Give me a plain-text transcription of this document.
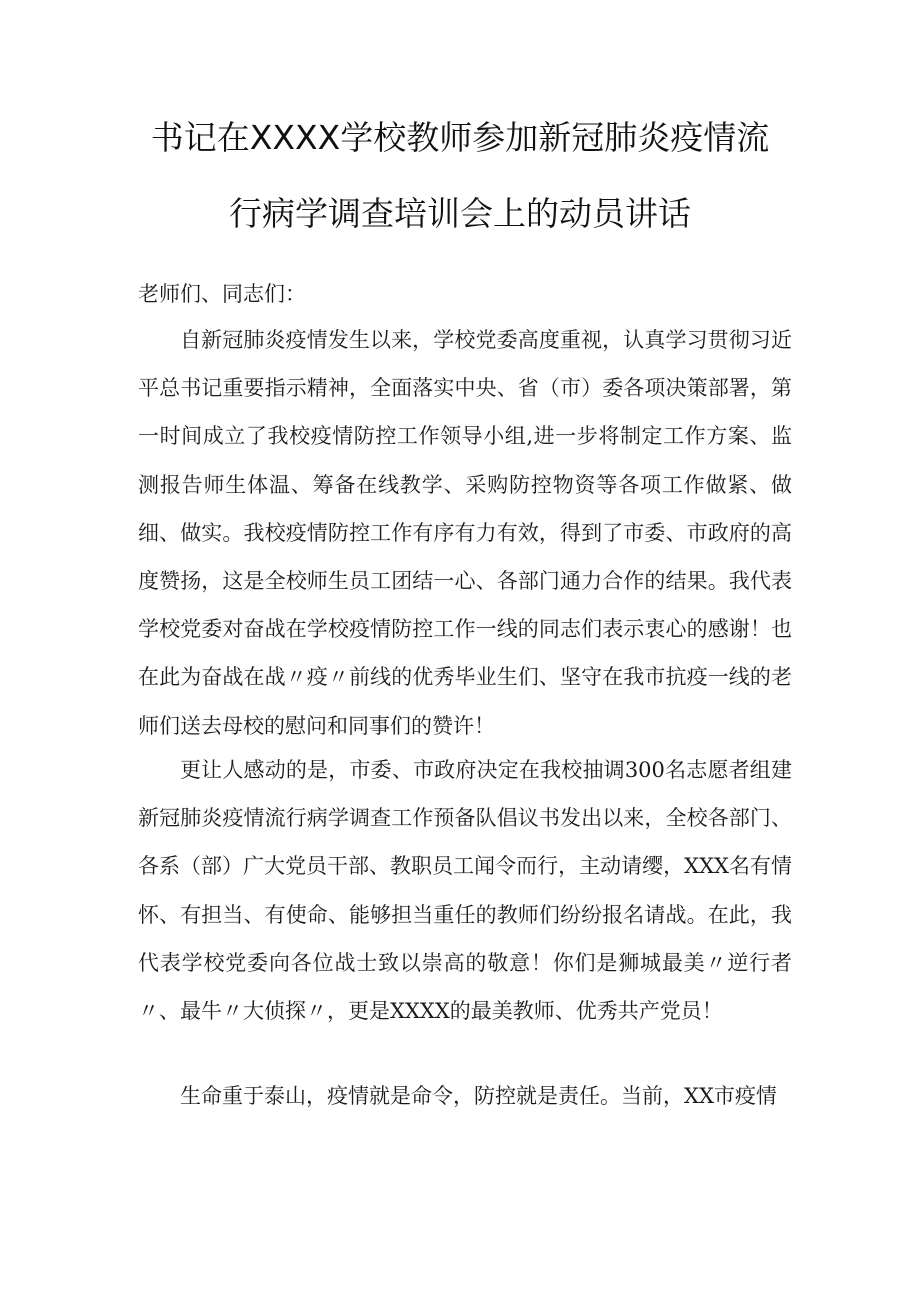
书记在XXXX学校教师参加新冠肺炎疫情流
行病学调查培训会上的动员讲话
老师们、同志们：

自新冠肺炎疫情发生以来，学校党委高度重视，认真学习贯彻习近平总书记重要指示精神，全面落实中央、省（市）委各项决策部署，第一时间成立了我校疫情防控工作领导小组,进一步将制定工作方案、监测报告师生体温、筹备在线教学、采购防控物资等各项工作做紧、做细、做实。我校疫情防控工作有序有力有效，得到了市委、市政府的高度赞扬，这是全校师生员工团结一心、各部门通力合作的结果。我代表学校党委对奋战在学校疫情防控工作一线的同志们表示衷心的感谢！也在此为奋战在战〃疫〃前线的优秀毕业生们、坚守在我市抗疫一线的老师们送去母校的慰问和同事们的赞许！

更让人感动的是，市委、市政府决定在我校抽调300名志愿者组建新冠肺炎疫情流行病学调查工作预备队倡议书发出以来，全校各部门、各系（部）广大党员干部、教职员工闻令而行，主动请缨，XXX名有情怀、有担当、有使命、能够担当重任的教师们纷纷报名请战。在此，我代表学校党委向各位战士致以崇高的敬意！你们是狮城最美〃逆行者〃、最牛〃大侦探〃，更是XXXX的最美教师、优秀共产党员！

生命重于泰山，疫情就是命令，防控就是责任。当前，XX市疫情
